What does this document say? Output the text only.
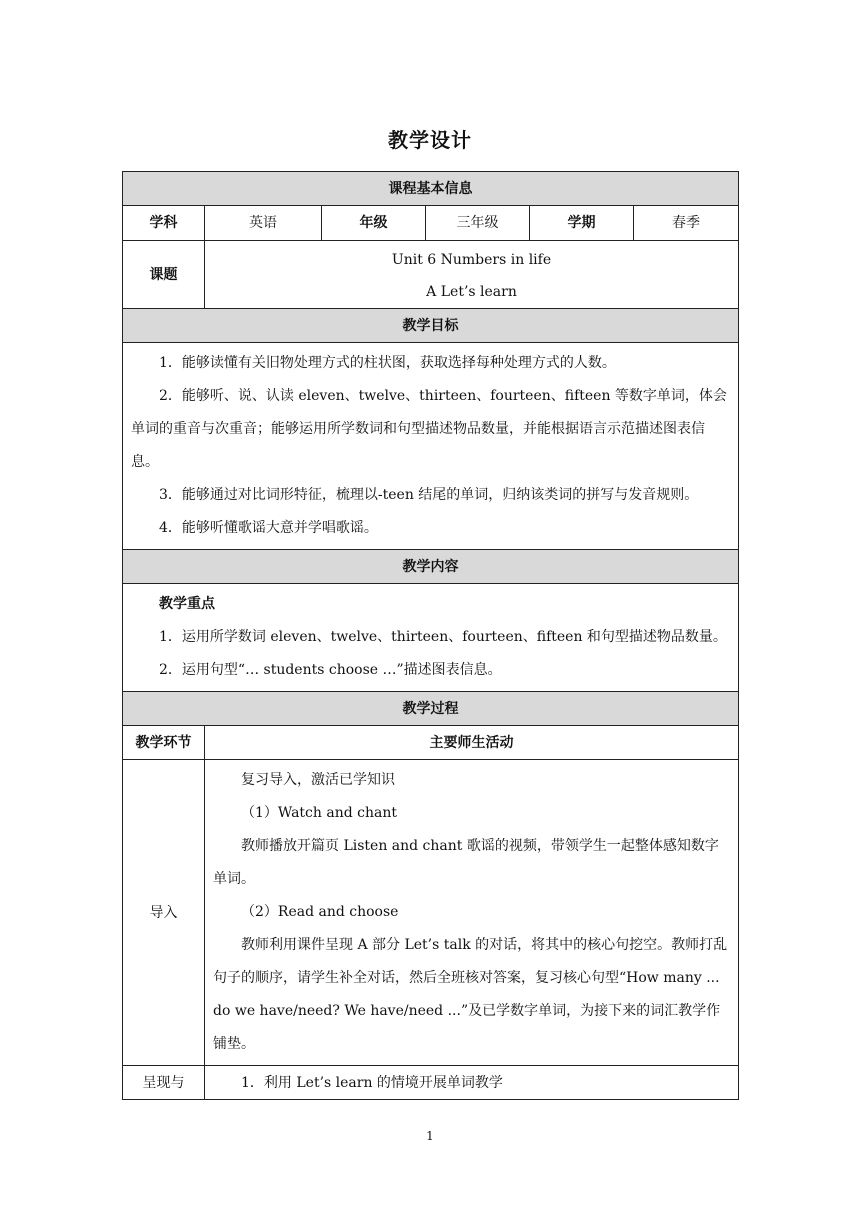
教学设计
课程基本信息					
学科	英语	年级	三年级	学期	春季
课题	Unit 6 Numbers in life
A Let’s learn				

教学目标					

1．能够读懂有关旧物处理方式的柱状图，获取选择每种处理方式的人数。

2．能够听、说、认读 eleven、twelve、thirteen、fourteen、fifteen 等数字单词，体会单词的重音与次重音；能够运用所学数词和句型描述物品数量，并能根据语言示范描述图表信息。

3．能够通过对比词形特征，梳理以-teen 结尾的单词，归纳该类词的拼写与发音规则。

4．能够听懂歌谣大意并学唱歌谣。					

教学内容					

教学重点

1．运用所学数词 eleven、twelve、thirteen、fourteen、fifteen 和句型描述物品数量。

2．运用句型“… students choose …”描述图表信息。					

教学过程					
教学环节	主要师生活动				
导入	复习导入，激活已学知识

（1）Watch and chant

教师播放开篇页 Listen and chant 歌谣的视频，带领学生一起整体感知数字单词。

（2）Read and choose

教师利用课件呈现 A 部分 Let’s talk 的对话，将其中的核心句挖空。教师打乱句子的顺序，请学生补全对话，然后全班核对答案，复习核心句型“How many ... do we have/need? We have/need ...”及已学数字单词，为接下来的词汇教学作铺垫。				

呈现与	1．利用 Let’s learn 的情境开展单词教学				

1
